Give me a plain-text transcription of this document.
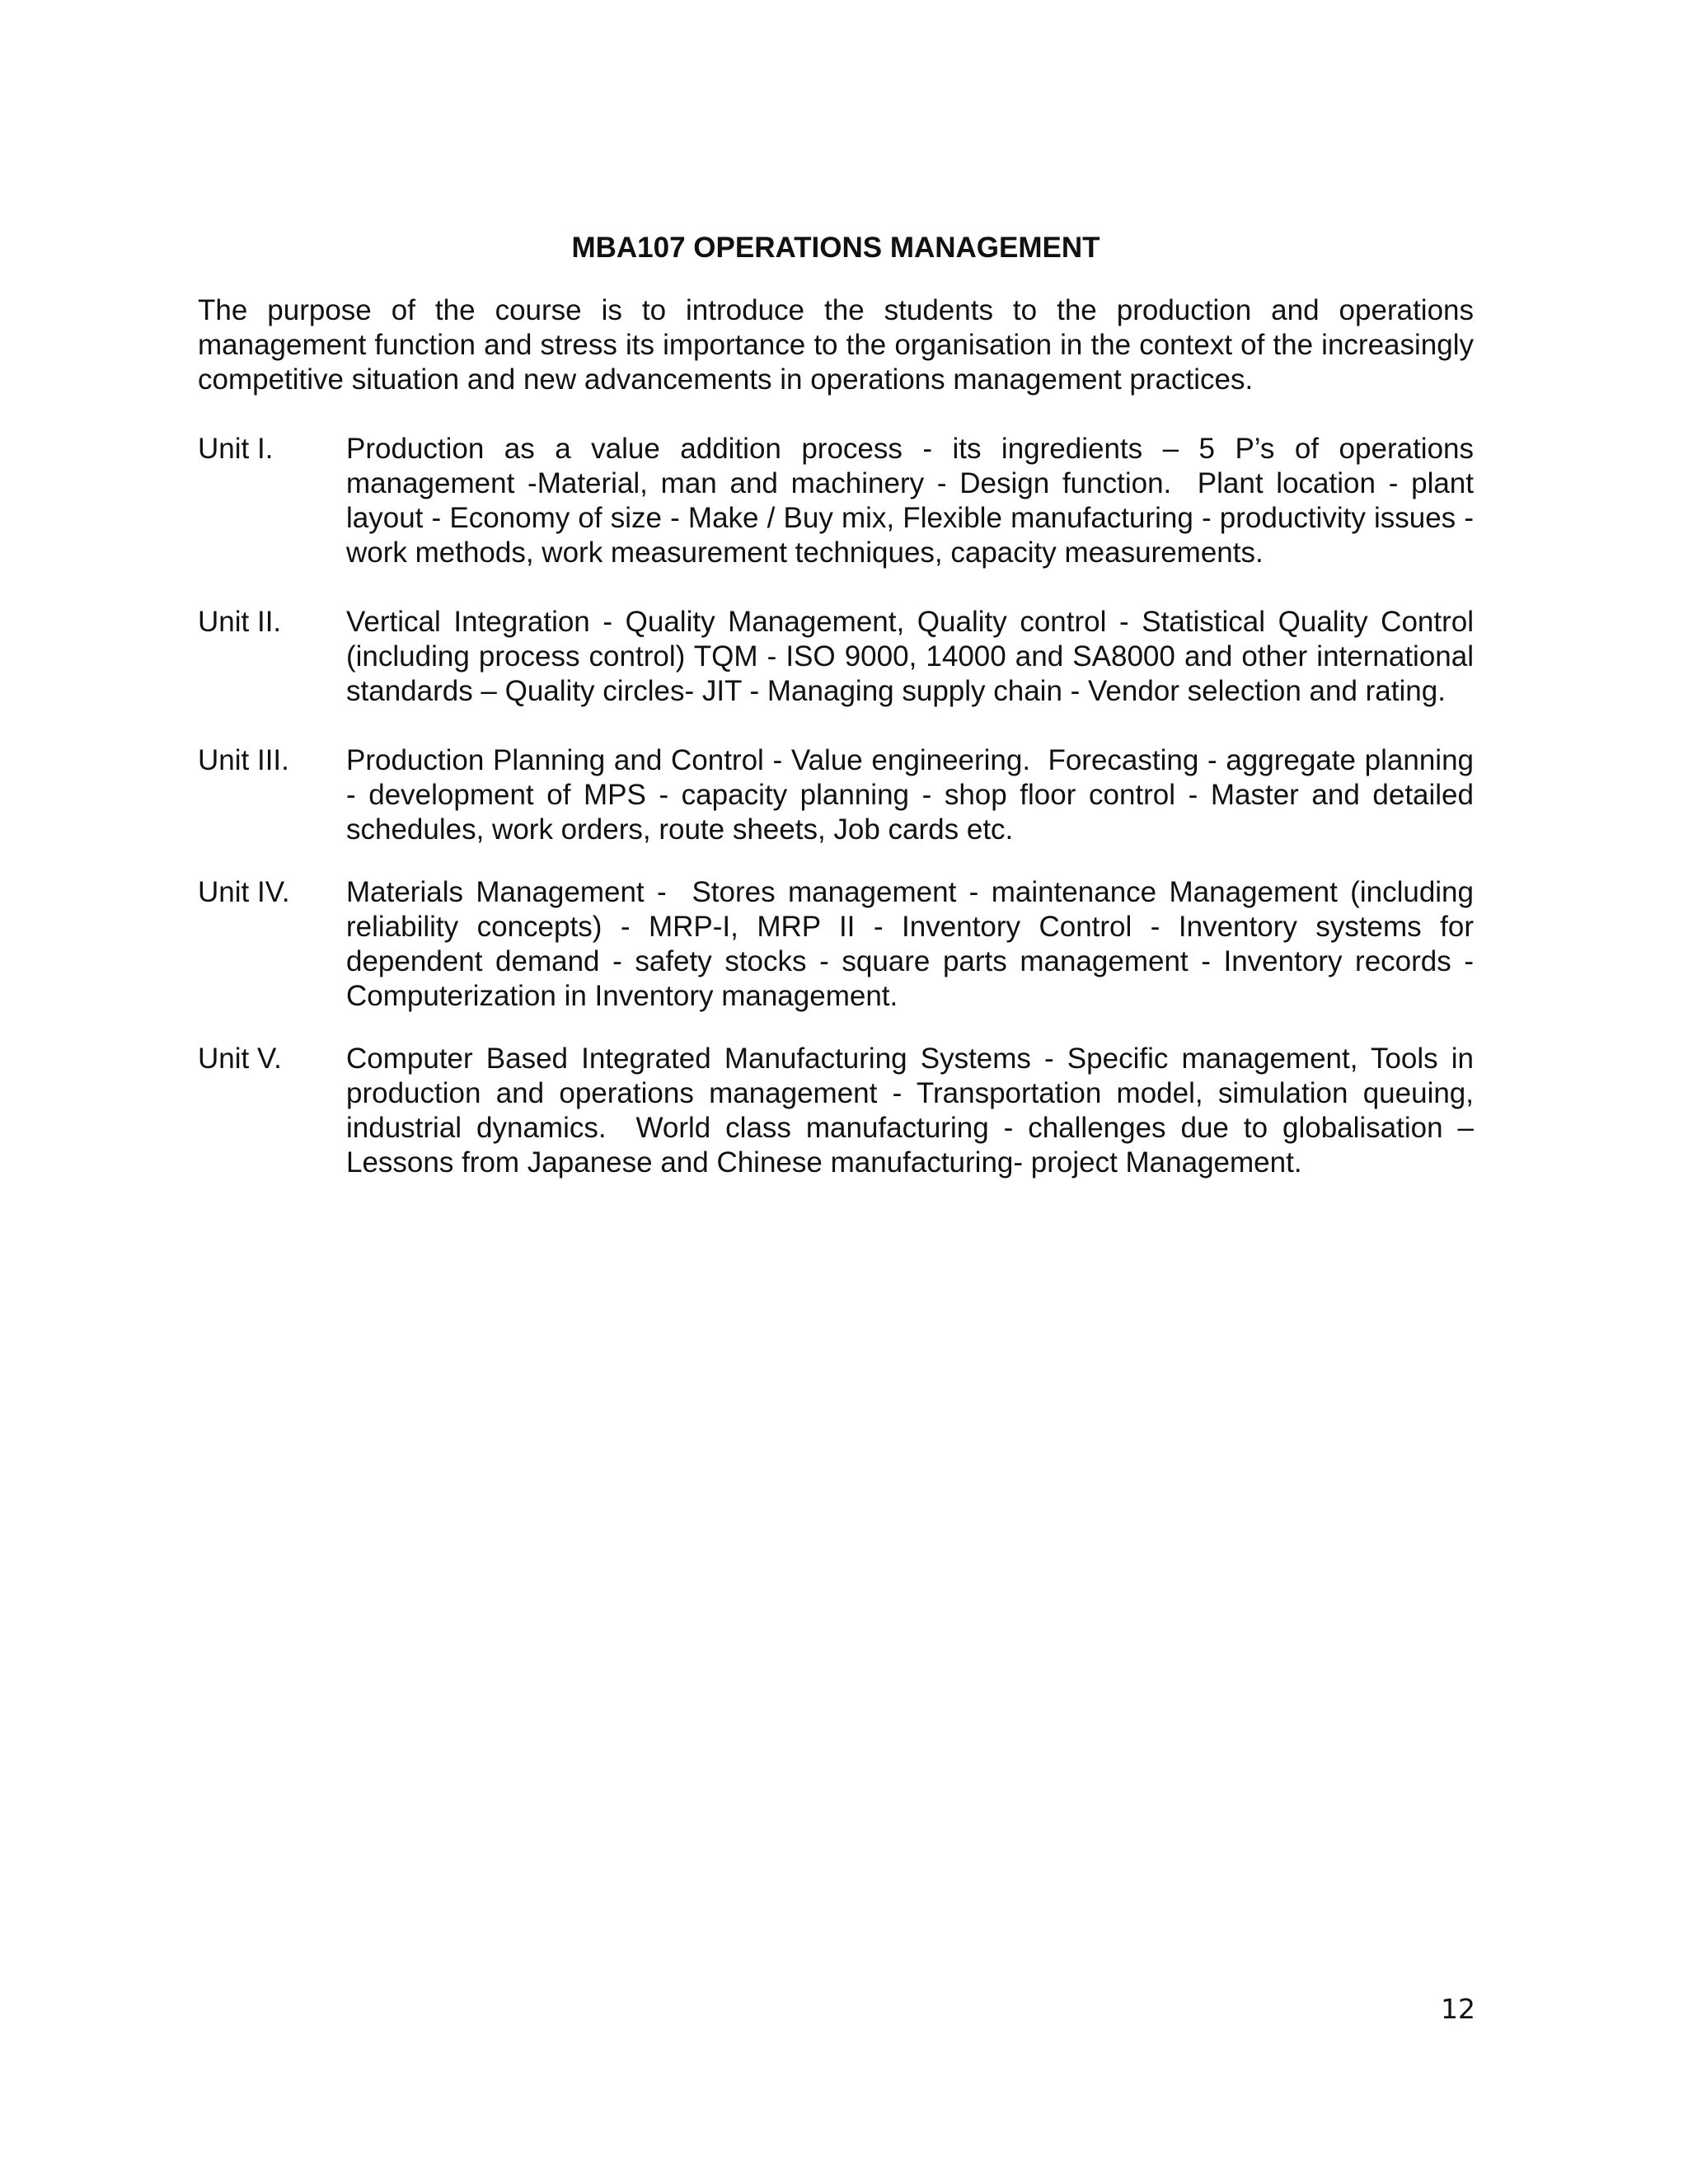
MBA107 OPERATIONS MANAGEMENT

The purpose of the course is to introduce the students to the production and operations management function and stress its importance to the organisation in the context of the increasingly competitive situation and new advancements in operations management practices.

Unit I.	Production as a value addition process - its ingredients – 5 P’s of operations management -Material, man and machinery - Design function.  Plant location - plant layout - Economy of size - Make / Buy mix, Flexible manufacturing - productivity issues - work methods, work measurement techniques, capacity measurements.
Unit II.	Vertical Integration - Quality Management, Quality control - Statistical Quality Control (including process control) TQM - ISO 9000, 14000 and SA8000 and other international standards – Quality circles- JIT - Managing supply chain - Vendor selection and rating.
Unit III.	Production Planning and Control - Value engineering.  Forecasting - aggregate planning - development of MPS - capacity planning - shop floor control - Master and detailed schedules, work orders, route sheets, Job cards etc.
Unit IV.	Materials Management -  Stores management - maintenance Management (including reliability concepts) - MRP-I, MRP II - Inventory Control - Inventory systems for dependent demand - safety stocks - square parts management - Inventory records - Computerization in Inventory management.
Unit V.	Computer Based Integrated Manufacturing Systems - Specific management, Tools in production and operations management - Transportation model, simulation queuing, industrial dynamics.  World class manufacturing - challenges due to globalisation – Lessons from Japanese and Chinese manufacturing- project Management.
12
